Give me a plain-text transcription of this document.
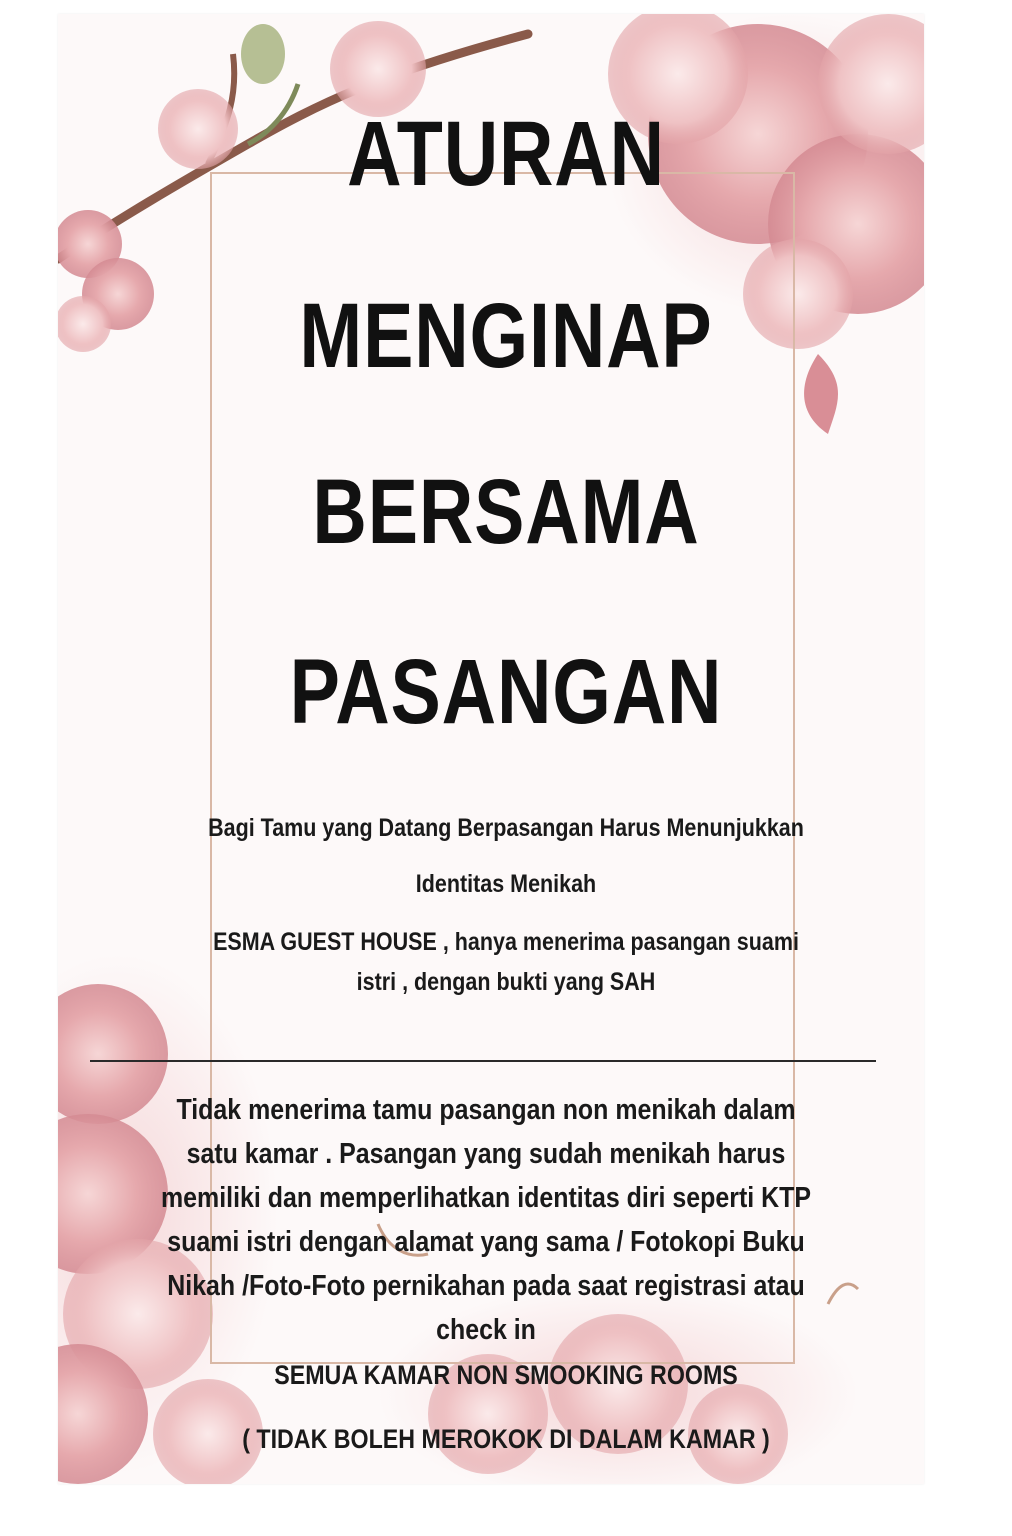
ATURAN
MENGINAP
BERSAMA
PASANGAN
Bagi Tamu yang Datang Berpasangan Harus Menunjukkan
Identitas Menikah
ESMA GUEST HOUSE , hanya menerima pasangan suami
istri , dengan bukti yang SAH
Tidak menerima tamu pasangan non menikah dalam
satu kamar . Pasangan yang sudah menikah harus
memiliki dan memperlihatkan identitas diri seperti KTP
suami istri dengan alamat yang sama / Fotokopi Buku
Nikah /Foto-Foto pernikahan pada saat registrasi atau
check in
SEMUA KAMAR NON SMOOKING ROOMS
( TIDAK BOLEH MEROKOK DI DALAM KAMAR )
